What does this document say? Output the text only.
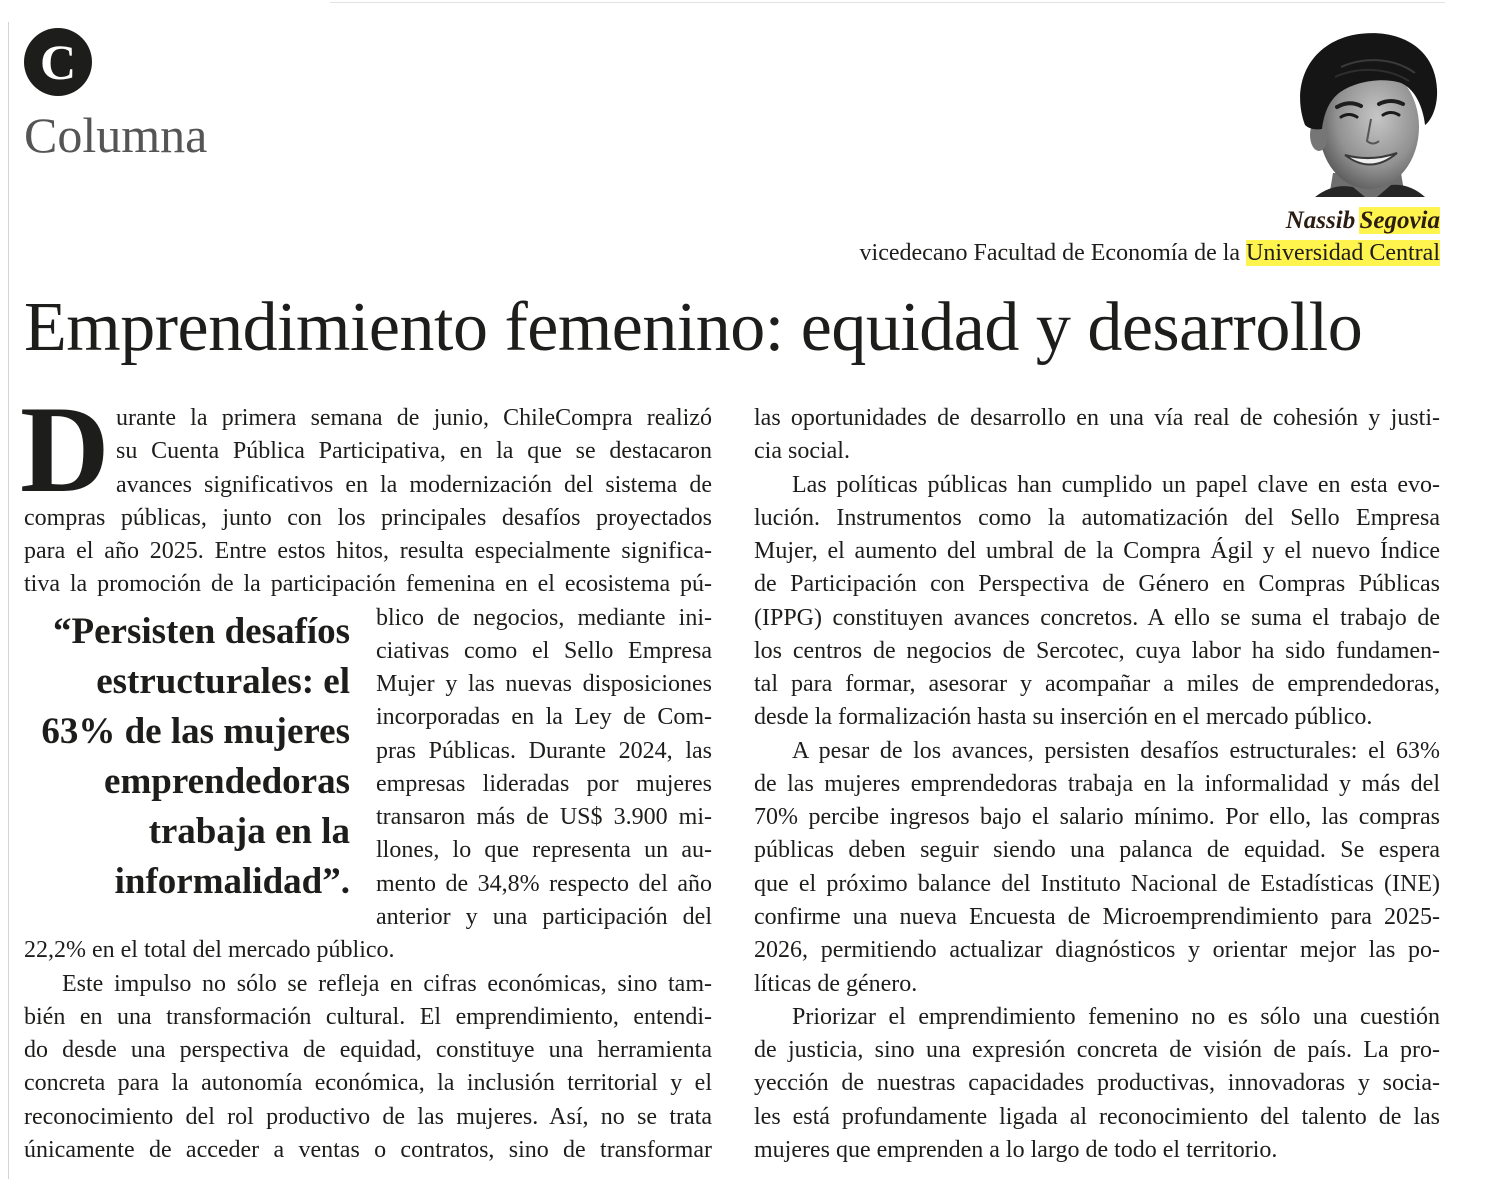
C
Columna
Nassib Segovia
vicedecano Facultad de Economía de la Universidad Central
Emprendimiento femenino: equidad y desarrollo
D urante la primera semana de junio, ChileCompra realizó
su Cuenta Pública Participativa, en la que se destacaron
avances significativos en la modernización del sistema de
compras públicas, junto con los principales desafíos proyectados
para el año 2025. Entre estos hitos, resulta especialmente significa-
tiva la promoción de la participación femenina en el ecosistema pú-
blico de negocios, mediante ini-
ciativas como el Sello Empresa
Mujer y las nuevas disposiciones
incorporadas en la Ley de Com-
pras Públicas. Durante 2024, las
empresas lideradas por mujeres
transaron más de US$ 3.900 mi-
llones, lo que representa un au-
mento de 34,8% respecto del año
anterior y una participación del
22,2% en el total del mercado público.
Este impulso no sólo se refleja en cifras económicas, sino tam-
bién en una transformación cultural. El emprendimiento, entendi-
do desde una perspectiva de equidad, constituye una herramienta
concreta para la autonomía económica, la inclusión territorial y el
reconocimiento del rol productivo de las mujeres. Así, no se trata
únicamente de acceder a ventas o contratos, sino de transformar
las oportunidades de desarrollo en una vía real de cohesión y justi-
cia social.
Las políticas públicas han cumplido un papel clave en esta evo-
lución. Instrumentos como la automatización del Sello Empresa
Mujer, el aumento del umbral de la Compra Ágil y el nuevo Índice
de Participación con Perspectiva de Género en Compras Públicas
(IPPG) constituyen avances concretos. A ello se suma el trabajo de
los centros de negocios de Sercotec, cuya labor ha sido fundamen-
tal para formar, asesorar y acompañar a miles de emprendedoras,
desde la formalización hasta su inserción en el mercado público.
A pesar de los avances, persisten desafíos estructurales: el 63%
de las mujeres emprendedoras trabaja en la informalidad y más del
70% percibe ingresos bajo el salario mínimo. Por ello, las compras
públicas deben seguir siendo una palanca de equidad. Se espera
que el próximo balance del Instituto Nacional de Estadísticas (INE)
confirme una nueva Encuesta de Microemprendimiento para 2025-
2026, permitiendo actualizar diagnósticos y orientar mejor las po-
líticas de género.
Priorizar el emprendimiento femenino no es sólo una cuestión
de justicia, sino una expresión concreta de visión de país. La pro-
yección de nuestras capacidades productivas, innovadoras y socia-
les está profundamente ligada al reconocimiento del talento de las
mujeres que emprenden a lo largo de todo el territorio.
“Persisten desafíos
estructurales: el
63% de las mujeres
emprendedoras
trabaja en la
informalidad”.
